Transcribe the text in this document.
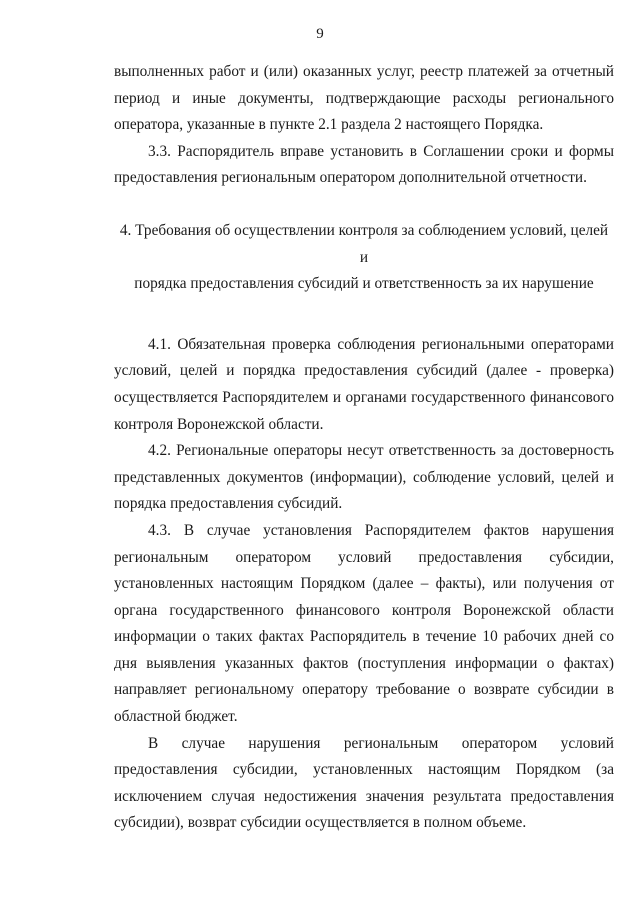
9

выполненных работ и (или) оказанных услуг, реестр платежей за отчетный период и иные документы, подтверждающие расходы регионального оператора, указанные в пункте 2.1 раздела 2 настоящего Порядка.

3.3. Распорядитель вправе установить в Соглашении сроки и формы предоставления региональным оператором дополнительной отчетности.

4. Требования об осуществлении контроля за соблюдением условий, целей и

порядка предоставления субсидий и ответственность за их нарушение

4.1. Обязательная проверка соблюдения региональными операторами условий, целей и порядка предоставления субсидий (далее - проверка) осуществляется Распорядителем и органами государственного финансового контроля Воронежской области.

4.2. Региональные операторы несут ответственность за достоверность представленных документов (информации), соблюдение условий, целей и порядка предоставления субсидий.

4.3. В случае установления Распорядителем фактов нарушения региональным оператором условий предоставления субсидии, установленных настоящим Порядком (далее – факты), или получения от органа государственного финансового контроля Воронежской области информации о таких фактах Распорядитель в течение 10 рабочих дней со дня выявления указанных фактов (поступления информации о фактах) направляет региональному оператору требование о возврате субсидии в областной бюджет.

В случае нарушения региональным оператором условий предоставления субсидии, установленных настоящим Порядком (за исключением случая недостижения значения результата предоставления субсидии), возврат субсидии осуществляется в полном объеме.
